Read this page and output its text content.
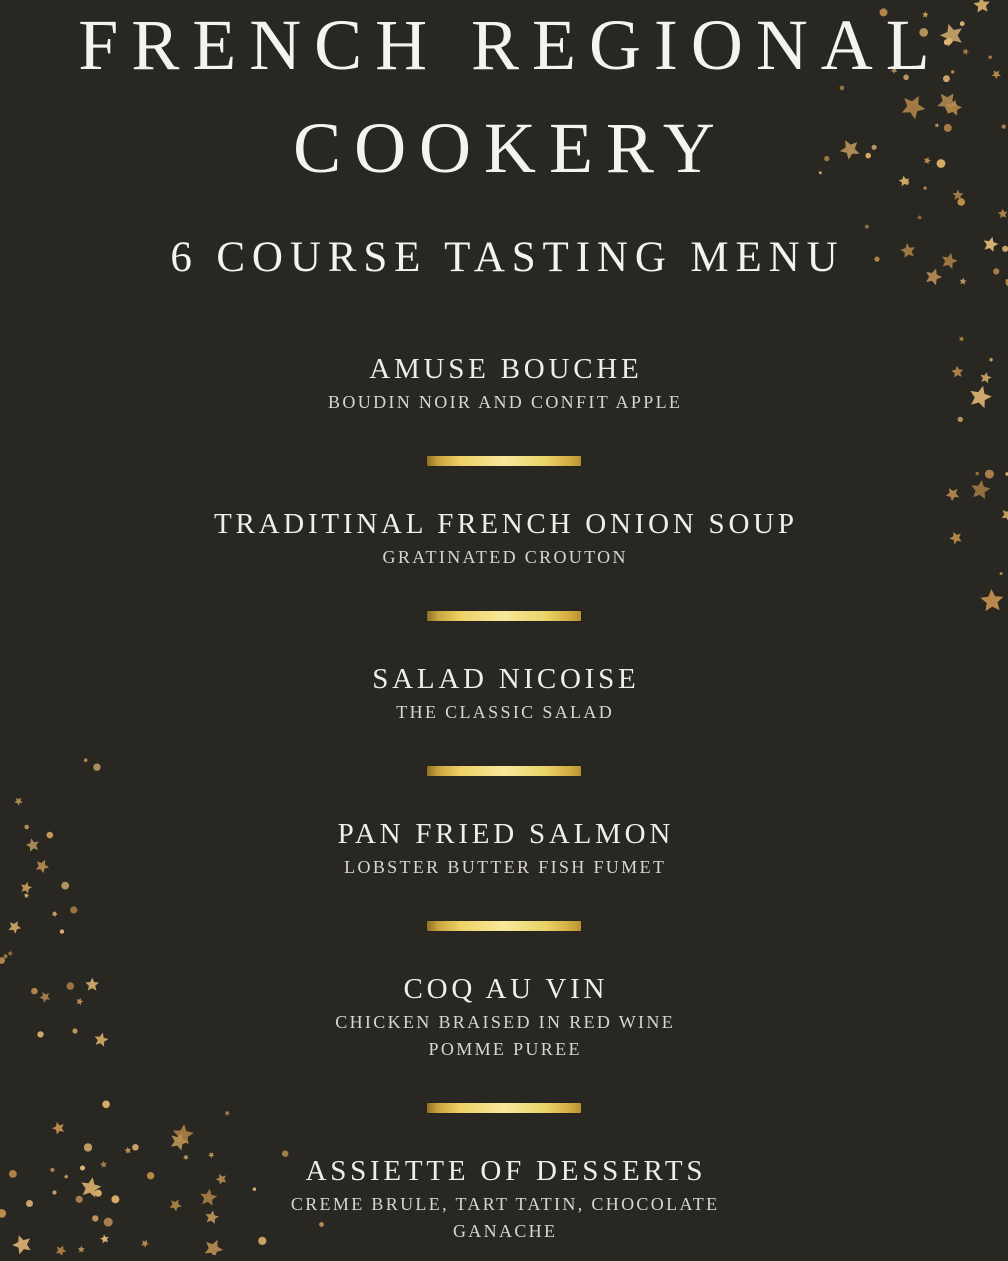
FRENCH REGIONAL
COOKERY
6 COURSE TASTING MENU
AMUSE BOUCHE

BOUDIN NOIR AND CONFIT APPLE

TRADITINAL FRENCH ONION SOUP

GRATINATED CROUTON

SALAD NICOISE

THE CLASSIC SALAD

PAN FRIED SALMON

LOBSTER BUTTER FISH FUMET

COQ AU VIN

CHICKEN BRAISED IN RED WINE

POMME PUREE

ASSIETTE OF DESSERTS

CREME BRULE, TART TATIN, CHOCOLATE

GANACHE
